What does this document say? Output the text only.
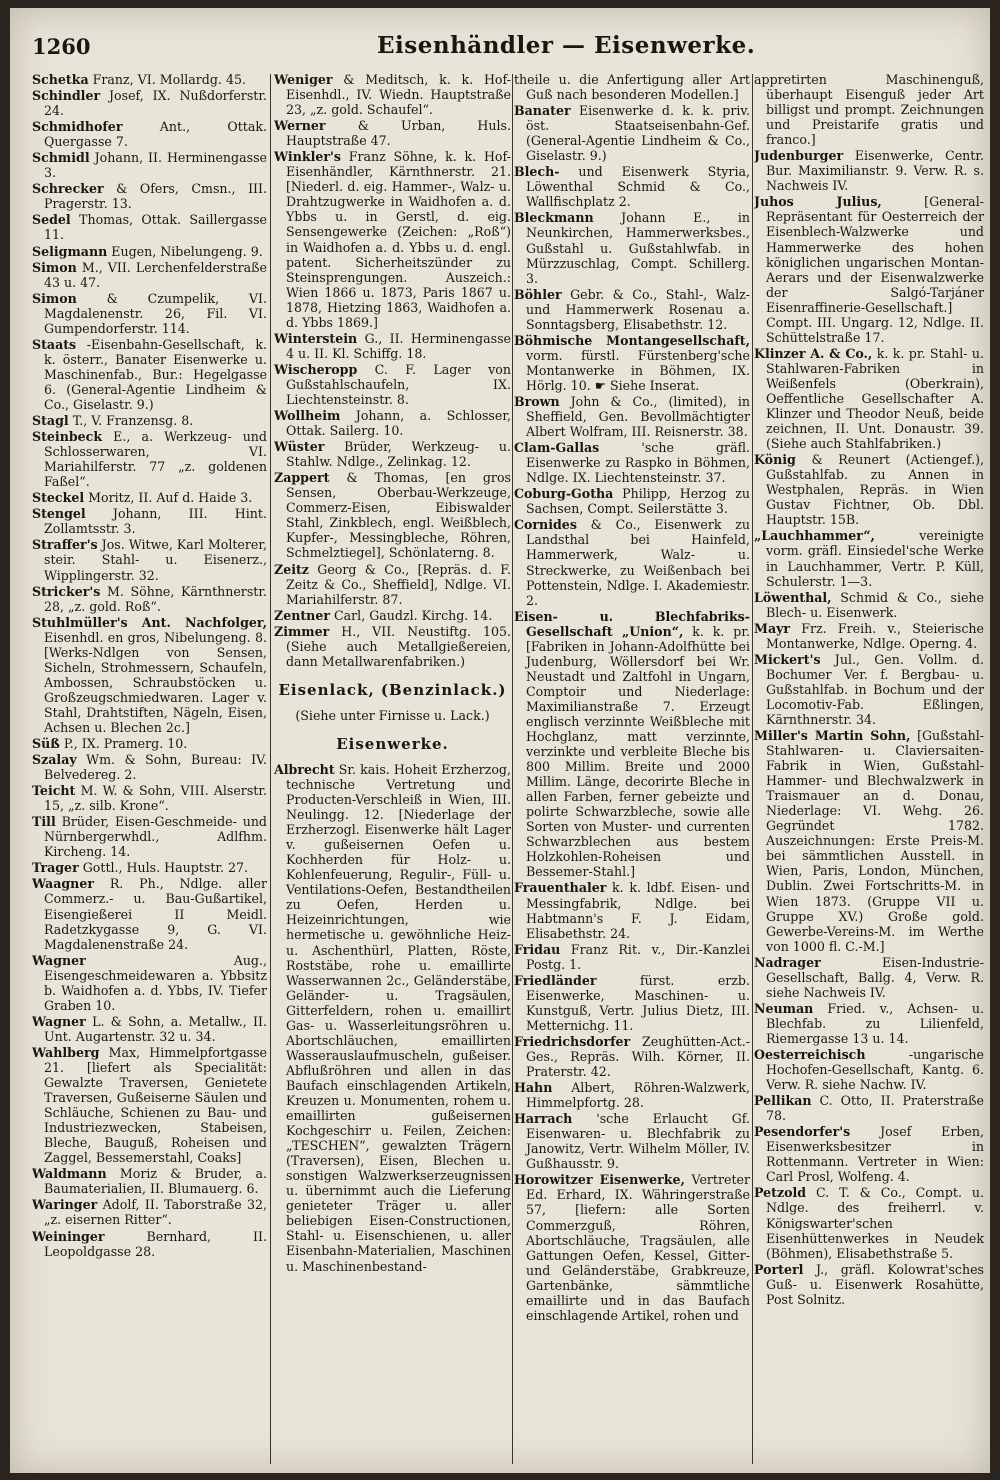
1260	Eisenhändler — Eisenwerke.

Schetka Franz, VI. Mollardg. 45.

Schindler Josef, IX. Nußdorferstr. 24.

Schmidhofer	Ant., Ottak. Quergasse 7.

Schmidl Johann, II. Herminengasse 3.

Schrecker & Ofers, Cmsn., III. Pragerstr. 13.

Sedel Thomas, Ottak. Saillergasse 11.

Seligmann Eugen, Nibelungeng. 9.

Simon M., VII. Lerchenfelderstraße 43 u. 47.

Simon & Czumpelik, VI. Magdalenenstr. 26, Fil. VI. Gumpendorferstr. 114.

Staats -Eisenbahn-Gesellschaft, k. k. österr., Banater Eisenwerke u. Maschinenfab., Bur.: Hegelgasse 6. (General-Agentie Lindheim & Co., Giselastr. 9.)

Stagl T., V. Franzensg. 8.

Steinbeck E., a. Werkzeug- und Schlosserwaren, VI. Mariahilferstr. 77 „z. goldenen Faßel“.

Steckel Moritz, II. Auf d. Haide 3.

Stengel Johann, III. Hint. Zollamtsstr. 3.

Straffer's Jos. Witwe, Karl Molterer, steir. Stahl- u. Eisenerz., Wipplingerstr. 32.

Stricker's M. Söhne, Kärnthnerstr. 28, „z. gold. Roß“.

Stuhlmüller's Ant. Nachfolger, Eisenhdl. en gros, Nibelungeng. 8. [Werks-Ndlgen von Sensen, Sicheln, Strohmessern, Schaufeln, Ambossen, Schraubstöcken u. Großzeugschmiedwaren. Lager v. Stahl, Drahtstiften, Nägeln, Eisen, Achsen u. Blechen 2c.]

Süß P., IX. Pramerg. 10.

Szalay Wm. & Sohn, Bureau: IV. Belvedereg. 2.

Teicht M. W. & Sohn, VIII. Alserstr. 15, „z. silb. Krone“.

Till Brüder, Eisen-Geschmeide- und Nürnbergerwhdl., Adlfhm. Kircheng. 14.

Trager Gottl., Huls. Hauptstr. 27.

Waagner R. Ph., Ndlge. aller Commerz.- u. Bau-Gußartikel, Eisengießerei II Meidl. Radetzkygasse 9, G. VI. Magdalenenstraße 24.

Wagner	Aug., Eisengeschmeidewaren a. Ybbsitz b. Waidhofen a. d. Ybbs, IV. Tiefer Graben 10.

Wagner L. & Sohn, a. Metallw., II. Unt. Augartenstr. 32 u. 34.

Wahlberg Max, Himmelpfortgasse 21. [liefert als Specialität: Gewalzte Traversen, Genietete Traversen, Gußeiserne Säulen und Schläuche, Schienen zu Bau- und Industriezwecken, Stabeisen, Bleche, Bauguß, Roheisen und Zaggel, Bessemerstahl, Coaks]

Waldmann Moriz & Bruder, a. Baumaterialien, II. Blumauerg. 6.

Waringer Adolf, II. Taborstraße 32, „z. eisernen Ritter“.

Weininger	Bernhard, II. Leopoldgasse 28.

Weniger & Meditsch, k. k. Hof-Eisenhdl., IV. Wiedn. Hauptstraße 23, „z. gold. Schaufel“.

Werner	& Urban, Huls. Hauptstraße 47.

Winkler's Franz Söhne, k. k. Hof-Eisenhändler, Kärnthnerstr. 21. [Niederl. d. eig. Hammer-, Walz- u. Drahtzugwerke in Waidhofen a. d. Ybbs u. in Gerstl, d. eig. Sensengewerke (Zeichen: „Roß“) in Waidhofen a. d. Ybbs u. d. engl. patent. Sicherheitszünder zu Steinsprengungen. Auszeich.: Wien 1866 u. 1873, Paris 1867 u. 1878, Hietzing 1863, Waidhofen a. d. Ybbs 1869.]

Winterstein G., II. Herminengasse 4 u. II. Kl. Schiffg. 18.

Wischeropp C. F. Lager von Gußstahlschaufeln, IX. Liechtensteinstr. 8.

Wollheim Johann, a. Schlosser, Ottak. Sailerg. 10.

Wüster Brüder, Werkzeug- u. Stahlw. Ndlge., Zelinkag. 12.

Zappert & Thomas, [en gros Sensen, Oberbau-Werkzeuge, Commerz-Eisen, Eibiswalder Stahl, Zinkblech, engl. Weißblech, Kupfer-, Messingbleche, Röhren, Schmelztiegel], Schönlaterng. 8.

Zeitz Georg & Co., [Repräs. d. F. Zeitz & Co., Sheffield], Ndlge. VI. Mariahilferstr. 87.

Zentner Carl, Gaudzl. Kirchg. 14.

Zimmer H., VII. Neustiftg. 105. (Siehe auch Metallgießereien, dann Metallwarenfabriken.)

Eisenlack, (Benzinlack.)
(Siehe unter Firnisse u. Lack.)
Eisenwerke.

Albrecht Sr. kais. Hoheit Erzherzog, technische Vertretung und Producten-Verschleiß in Wien, III. Neulingg. 12. [Niederlage der Erzherzogl. Eisenwerke hält Lager v. gußeisernen Oefen u. Kochherden für Holz- u. Kohlenfeuerung, Regulir-, Füll- u. Ventilations-Oefen, Bestandtheilen zu Oefen, Herden u. Heizeinrichtungen, wie hermetische u. gewöhnliche Heiz- u. Aschenthürl, Platten, Röste, Roststäbe, rohe u. emaillirte Wasserwannen 2c., Geländerstäbe, Geländer- u. Tragsäulen, Gitterfeldern, rohen u. emaillirt Gas- u. Wasserleitungsröhren u. Abortschläuchen, emaillirten Wasserauslaufmuscheln, gußeiser. Abflußröhren und allen in das Baufach einschlagenden Artikeln, Kreuzen u. Monumenten, rohem u. emaillirten gußeisernen Kochgeschirr u. Feilen, Zeichen: „TESCHEN“, gewalzten Trägern (Traversen), Eisen, Blechen u. sonstigen Walzwerkserzeugnissen u. übernimmt auch die Lieferung genieteter Träger u. aller beliebigen Eisen-Constructionen, Stahl- u. Eisenschienen, u. aller Eisenbahn-Materialien, Maschinen u. Maschinenbestand-

theile u. die Anfertigung aller Art Guß nach besonderen Modellen.]

Banater Eisenwerke d. k. k. priv. öst. Staatseisenbahn-Gef. (General-Agentie Lindheim & Co., Giselastr. 9.)

Blech- und Eisenwerk Styria, Löwenthal Schmid & Co., Wallfischplatz 2.

Bleckmann Johann E., in Neunkirchen, Hammerwerksbes., Gußstahl u. Gußstahlwfab. in Mürzzuschlag, Compt. Schillerg. 3.

Böhler Gebr. & Co., Stahl-, Walz- und Hammerwerk Rosenau a. Sonntagsberg, Elisabethstr. 12.

Böhmische Montangesellschaft, vorm. fürstl. Fürstenberg'sche Montanwerke in Böhmen, IX. Hörlg. 10. ☛ Siehe Inserat.

Brown John & Co., (limited), in Sheffield, Gen. Bevollmächtigter Albert Wolfram, III. Reisnerstr. 38.

Clam-Gallas	'sche gräfl. Eisenwerke zu Raspko in Böhmen, Ndlge. IX. Liechtensteinstr. 37.

Coburg-Gotha Philipp, Herzog zu Sachsen, Compt. Seilerstätte 3.

Cornides & Co., Eisenwerk zu Landsthal bei Hainfeld, Hammerwerk, Walz- u. Streckwerke, zu Weißenbach bei Pottenstein, Ndlge. I. Akademiestr. 2.

Eisen- u. Blechfabriks-Gesellschaft „Union“, k. k. pr. [Fabriken in Johann-Adolfhütte bei Judenburg, Wöllersdorf bei Wr. Neustadt und Zaltfohl in Ungarn, Comptoir und Niederlage: Maximilianstraße 7. Erzeugt englisch verzinnte Weißbleche mit Hochglanz, matt verzinnte, verzinkte und verbleite Bleche bis 800 Millim. Breite und 2000 Millim. Länge, decorirte Bleche in allen Farben, ferner gebeizte und polirte Schwarzbleche, sowie alle Sorten von Muster- und currenten Schwarzblechen aus bestem Holzkohlen-Roheisen und Bessemer-Stahl.]

Frauenthaler k. k. ldbf. Eisen- und Messingfabrik, Ndlge. bei Habtmann's F. J. Eidam, Elisabethstr. 24.

Fridau Franz Rit. v., Dir.-Kanzlei Postg. 1.

Friedländer	fürst. erzb. Eisenwerke, Maschinen- u. Kunstguß, Vertr. Julius Dietz, III. Metternichg. 11.

Friedrichsdorfer Zeughütten-Act.-Ges., Repräs. Wilh. Körner, II. Praterstr. 42.

Hahn Albert, Röhren-Walzwerk, Himmelpfortg. 28.

Harrach 'sche Erlaucht Gf. Eisenwaren- u. Blechfabrik zu Janowitz, Vertr. Wilhelm Möller, IV. Gußhausstr. 9.

Horowitzer Eisenwerke, Vertreter Ed. Erhard, IX. Währingerstraße 57, [liefern: alle Sorten Commerzguß, Röhren, Abortschläuche, Tragsäulen, alle Gattungen Oefen, Kessel, Gitter- und Geländerstäbe, Grabkreuze, Gartenbänke, sämmtliche emaillirte und in das Baufach einschlagende Artikel, rohen und

appretirten Maschinenguß, überhaupt Eisenguß jeder Art billigst und prompt. Zeichnungen und Preistarife gratis und franco.]

Judenburger Eisenwerke, Centr. Bur. Maximilianstr. 9. Verw. R. s. Nachweis IV.

Juhos Julius,	[General-Repräsentant für Oesterreich der Eisenblech-Walzwerke und Hammerwerke des hohen königlichen ungarischen Montan-Aerars und der Eisenwalzwerke der Salgó-Tarjáner Eisenraffinerie-Gesellschaft.] Compt. III. Ungarg. 12, Ndlge. II. Schüttelstraße 17.

Klinzer A. & Co., k. k. pr. Stahl- u. Stahlwaren-Fabriken in Weißenfels (Oberkrain), Oeffentliche Gesellschafter A. Klinzer und Theodor Neuß, beide zeichnen, II. Unt. Donaustr. 39. (Siehe auch Stahlfabriken.)

König & Reunert (Actiengef.), Gußstahlfab. zu Annen in Westphalen, Repräs. in Wien Gustav Fichtner, Ob. Dbl. Hauptstr. 15B.

„Lauchhammer“,	vereinigte vorm. gräfl. Einsiedel'sche Werke in Lauchhammer, Vertr. P. Küll, Schulerstr. 1—3.

Löwenthal, Schmid & Co., siehe Blech- u. Eisenwerk.

Mayr Frz. Freih. v., Steierische Montanwerke, Ndlge. Operng. 4.

Mickert's Jul., Gen. Vollm. d. Bochumer Ver. f. Bergbau- u. Gußstahlfab. in Bochum und der Locomotiv-Fab. Eßlingen, Kärnthnerstr. 34.

Miller's Martin Sohn, [Gußstahl-Stahlwaren- u. Claviersaiten-Fabrik in Wien, Gußstahl-Hammer- und Blechwalzwerk in Traismauer an d. Donau, Niederlage: VI. Wehg. 26. Gegründet 1782. Auszeichnungen: Erste Preis-M. bei sämmtlichen Ausstell. in Wien, Paris, London, München, Dublin. Zwei Fortschritts-M. in Wien 1873. (Gruppe VII u. Gruppe XV.) Große gold. Gewerbe-Vereins-M. im Werthe von 1000 fl. C.-M.]

Nadrager	Eisen-Industrie-Gesellschaft, Ballg. 4, Verw. R. siehe Nachweis IV.

Neuman Fried. v., Achsen- u. Blechfab. zu Lilienfeld, Riemergasse 13 u. 14.

Oesterreichisch	-ungarische Hochofen-Gesellschaft, Kantg. 6. Verw. R. siehe Nachw. IV.

Pellikan C. Otto, II. Praterstraße 78.

Pesendorfer's Josef Erben, Eisenwerksbesitzer in Rottenmann. Vertreter in Wien: Carl Prosl, Wolfeng. 4.

Petzold C. T. & Co., Compt. u. Ndlge. des freiherrl. v. Königswarter'schen Eisenhüttenwerkes in Neudek (Böhmen), Elisabethstraße 5.

Porterl J., gräfl. Kolowrat'sches Guß- u. Eisenwerk Rosahütte, Post Solnitz.
